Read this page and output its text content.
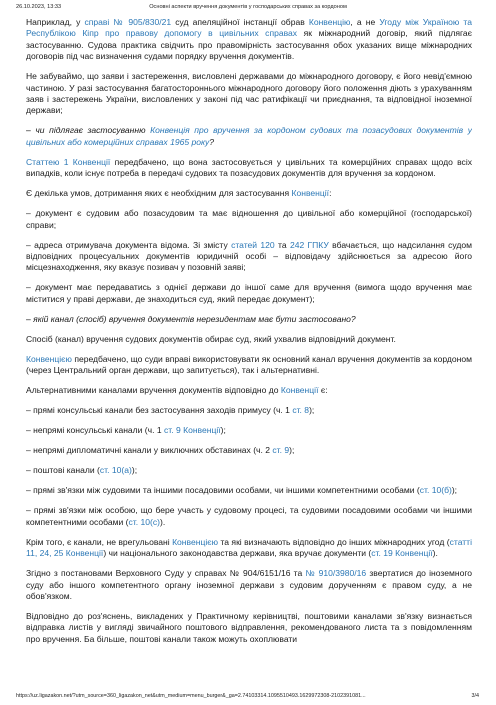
26.10.2023, 13:33	Основні аспекти вручення документів у господарських справах за кордоном

Наприклад, у справі № 905/830/21 суд апеляційної інстанції обрав Конвенцію, а не Угоду між Україною та Республікою Кіпр про правову допомогу в цивільних справах як міжнародний договір, який підлягає застосуванню. Судова практика свідчить про правомірність застосування обох указаних вище міжнародних договорів під час визначення судами порядку вручення документів.

Не забуваймо, що заяви і застереження, висловлені державами до міжнародного договору, є його невід'ємною частиною. У разі застосування багатостороннього міжнародного договору його положення діють з урахуванням заяв і застережень України, висловлених у законі під час ратифікації чи приєднання, та відповідної іноземної держави;

– чи підлягає застосуванню Конвенція про вручення за кордоном судових та позасудових документів у цивільних або комерційних справах 1965 року?

Статтею 1 Конвенції передбачено, що вона застосовується у цивільних та комерційних справах щодо всіх випадків, коли існує потреба в передачі судових та позасудових документів для вручення за кордоном.

Є декілька умов, дотримання яких є необхідним для застосування Конвенції:

– документ є судовим або позасудовим та має відношення до цивільної або комерційної (господарської) справи;

– адреса отримувача документа відома. Зі змісту статей 120 та 242 ГПКУ вбачається, що надсилання судом відповідних процесуальних документів юридичній особі – відповідачу здійснюється за адресою його місцезнаходження, яку вказує позивач у позовній заяві;

– документ має передаватись з однієї держави до іншої саме для вручення (вимога щодо вручення має міститися у праві держави, де знаходиться суд, який передає документ);

– якій канал (спосіб) вручення документів нерезидентам має бути застосовано?

Спосіб (канал) вручення судових документів обирає суд, який ухвалив відповідний документ.

Конвенцією передбачено, що суди вправі використовувати як основний канал вручення документів за кордоном (через Центральний орган держави, що запитується), так і альтернативні.

Альтернативними каналами вручення документів відповідно до Конвенції є:

– прямі консульські канали без застосування заходів примусу (ч. 1 ст. 8);

– непрямі консульські канали (ч. 1 ст. 9 Конвенції);

– непрямі дипломатичні канали у виключних обставинах (ч. 2 ст. 9);

– поштові канали (ст. 10(а));

– прямі зв'язки між судовими та іншими посадовими особами, чи іншими компетентними особами (ст. 10(б));

– прямі зв'язки між особою, що бере участь у судовому процесі, та судовими посадовими особами чи іншими компетентними особами (ст. 10(с)).

Крім того, є канали, не врегульовані Конвенцією та які визначають відповідно до інших міжнародних угод (статті 11, 24, 25 Конвенції) чи національного законодавства держави, яка вручає документи (ст. 19 Конвенції).

Згідно з постановами Верховного Суду у справах № 904/6151/16 та № 910/3980/16 звертатися до іноземного суду або іншого компетентного органу іноземної держави з судовим дорученням є правом суду, а не обов'язком.

Відповідно до роз'яснень, викладених у Практичному керівництві, поштовими каналами зв'язку визнається відправка листів у вигляді звичайного поштового відправлення, рекомендованого листа та з повідомленням про вручення. Ба більше, поштові канали також можуть охоплювати

https://uz.ligazakon.net/?utm_source=360_ligazakon_net&utm_medium=menu_burger&_ga=2.74103314.1095510493.1629972308-2102391081...	3/4
